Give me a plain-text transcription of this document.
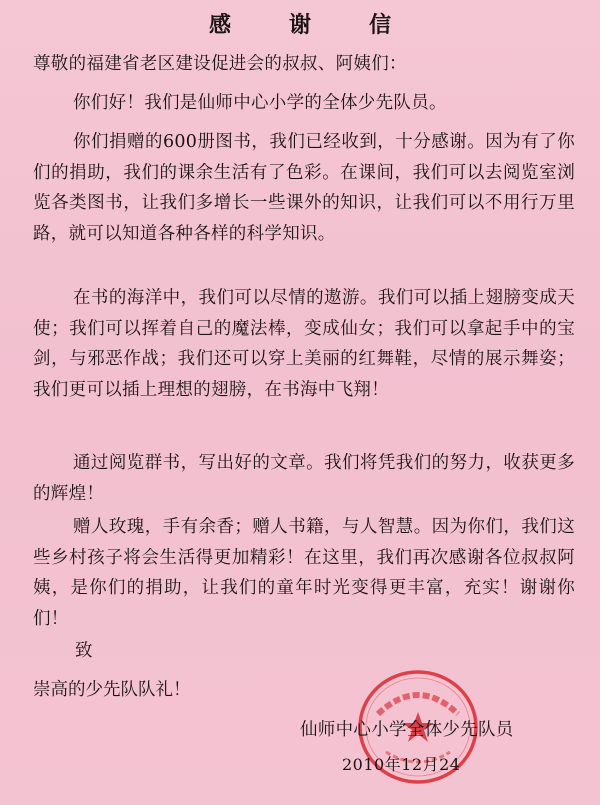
感　谢　信
尊敬的福建省老区建设促进会的叔叔、阿姨们：
你们好！我们是仙师中心小学的全体少先队员。
你们捐赠的600册图书，我们已经收到，十分感谢。因为有了你们的捐助，我们的课余生活有了色彩。在课间，我们可以去阅览室浏览各类图书，让我们多增长一些课外的知识，让我们可以不用行万里路，就可以知道各种各样的科学知识。
在书的海洋中，我们可以尽情的遨游。我们可以插上翅膀变成天使；我们可以挥着自己的魔法棒，变成仙女；我们可以拿起手中的宝剑，与邪恶作战；我们还可以穿上美丽的红舞鞋，尽情的展示舞姿；我们更可以插上理想的翅膀，在书海中飞翔！
通过阅览群书，写出好的文章。我们将凭我们的努力，收获更多的辉煌！
赠人玫瑰，手有余香；赠人书籍，与人智慧。因为你们，我们这些乡村孩子将会生活得更加精彩！在这里，我们再次感谢各位叔叔阿姨，是你们的捐助，让我们的童年时光变得更丰富，充实！谢谢你们！
致
崇高的少先队队礼！
仙师中心小学全体少先队员
2010年12月24
